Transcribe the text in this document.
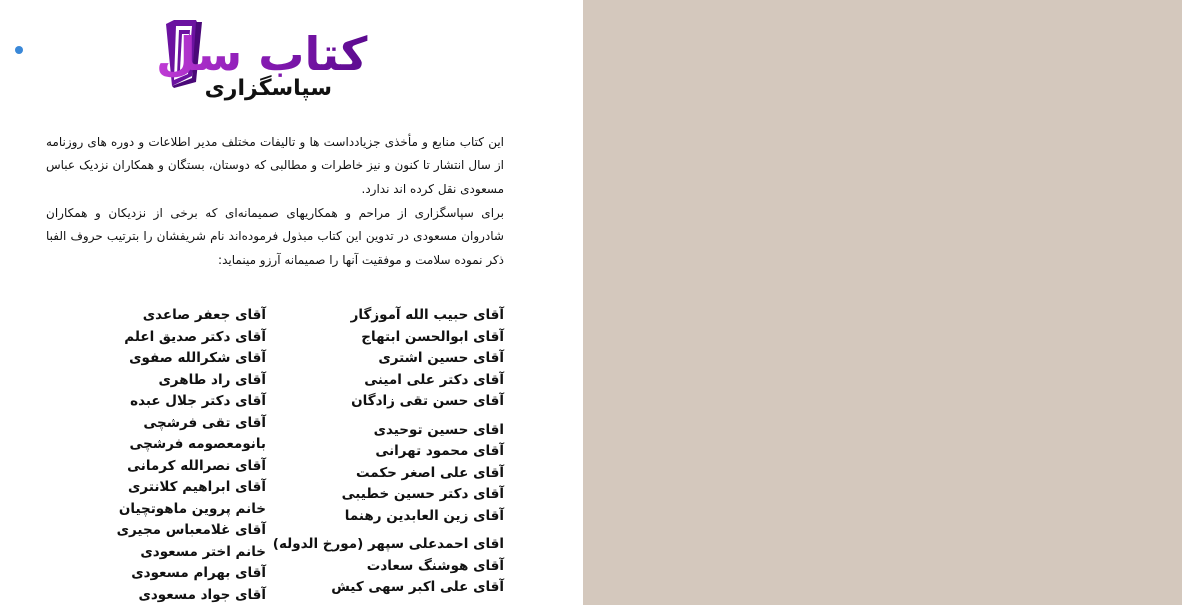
کتاب سل
سپاسگزاری
این کتاب منابع و مأخذی جزیادداست ها و تالیفات مختلف مدیر اطلاعات و دوره های روزنامه از سال انتشار تا کنون و نیز خاطرات و مطالبی که دوستان، بستگان و همکاران نزدیک عباس مسعودی نقل کرده اند ندارد.
برای سپاسگزاری از مراحم و همکاریهای صمیمانه‌ای که برخی از نزدیکان و همکاران شادروان مسعودی در تدوین این کتاب مبذول فرموده‌اند نام شریفشان را بترتیب حروف الفبا ذکر نموده سلامت و موفقیت آنها را صمیمانه آرزو مینماید:
آقای حبیب الله آموزگار
آقای ابوالحسن ابتهاج
آقای حسین اشتری
آقای دکتر علی امینی
آقای حسن تقی زادگان
اقای حسین توحیدی
آقای محمود تهرانی
آقای علی اصغر حکمت
آقای دکتر حسین خطیبی
آقای زین العابدین رهنما
اقای احمدعلی سپهر (مورخ الدوله)
آقای هوشنگ سعادت
آقای علی اکبر سهی کیش
آقای جعفر صاعدی
آقای دکتر صدیق اعلم
آقای شکرالله صفوی
آقای راد طاهری
آقای دکتر جلال عبده
آقای تقی فرشچی
بانومعصومه فرشچی
آقای نصرالله کرمانی
آقای ابراهیم کلانتری
خانم پروین ماهوتچیان
آقای غلامعباس مجیری
خانم اختر مسعودی
آقای بهرام مسعودی
آقای جواد مسعودی
